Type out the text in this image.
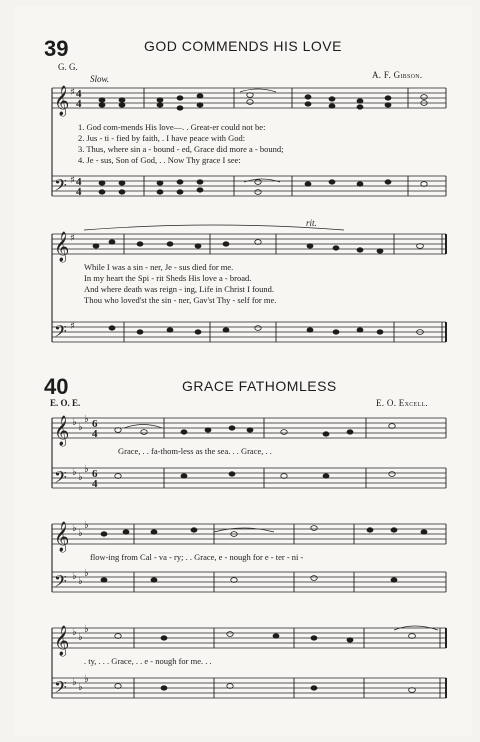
39	GOD COMMENDS HIS LOVE
G. G.
Slow.	A. F. Gibson.
𝄞
𝄢
𝄞
𝄢
𝄞
𝄢
𝄞
𝄢
𝄞
𝄢
4
4
4
4
6
4
6
4
♯
♯
♯
♯
♭ ♭
♭
♭ ♭
♭
♭ ♭
♭
♭ ♭
♭
♭ ♭
♭
♭ ♭
♭
1. God com-mends His love—. . Great-er could not be:
2. Jus - ti - fied by faith, . I have peace with God:
3. Thus, where sin a - bound - ed, Grace did more a - bound;
4. Je - sus, Son of God, . . Now Thy grace I see:
rit.
While I was a sin - ner, Je - sus died for me.
In my heart the Spi - rit Sheds His love a - broad.
And where death was reign - ing, Life in Christ I found.
Thou who loved'st the sin - ner, Gav'st Thy - self for me.
40	GRACE FATHOMLESS
E. O. E.	E. O. Excell.
Grace, . . fa-thom-less as the sea. . . Grace, . .
flow-ing from Cal - va - ry; . . Grace, e - nough for e - ter - ni -
. ty, . . . Grace, . . e - nough for me. . .
